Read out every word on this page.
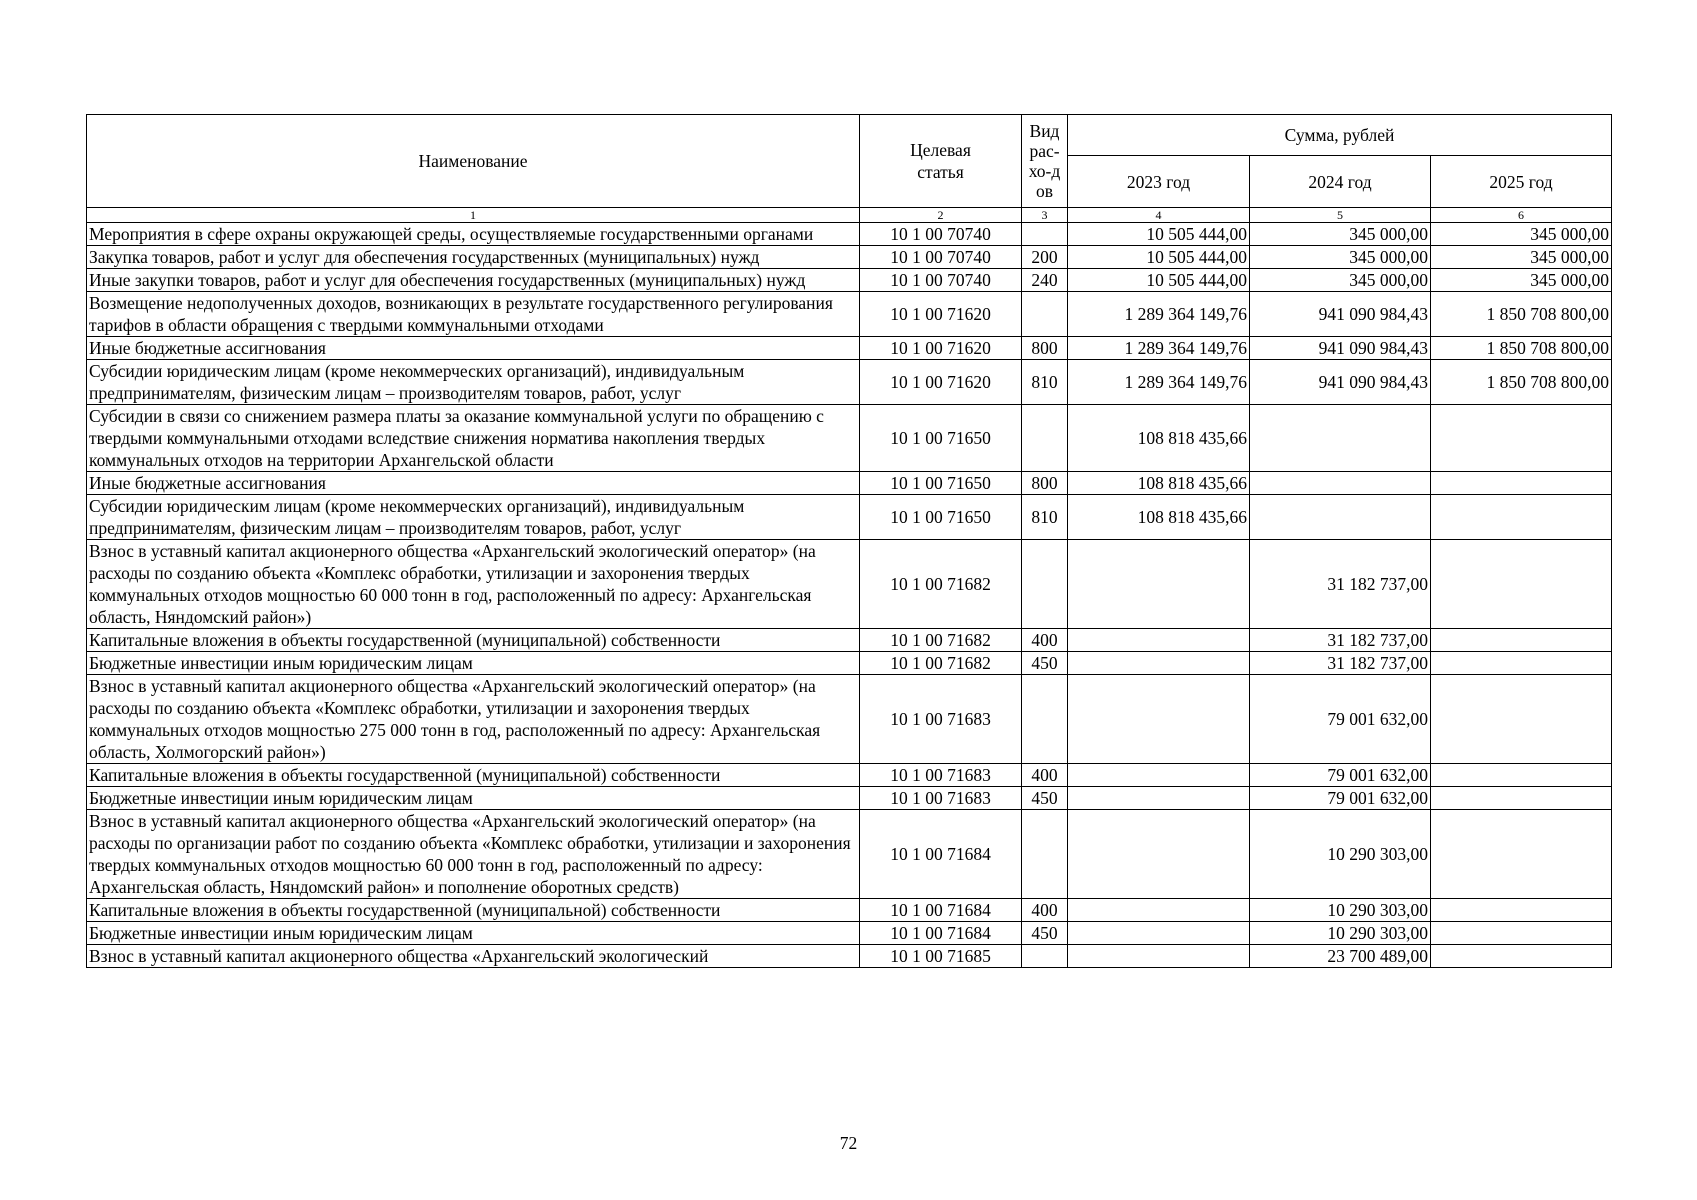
Наименование	Целевая статья	Вид рас-хо-дов	Сумма, рублей		
			2023 год	2024 год	2025 год
1	2	3	4	5	6
Мероприятия в сфере охраны окружающей среды, осуществляемые государственными органами	10 1 00 70740		10 505 444,00	345 000,00	345 000,00
Закупка товаров, работ и услуг для обеспечения государственных (муниципальных) нужд	10 1 00 70740	200	10 505 444,00	345 000,00	345 000,00
Иные закупки товаров, работ и услуг для обеспечения государственных (муниципальных) нужд	10 1 00 70740	240	10 505 444,00	345 000,00	345 000,00
Возмещение недополученных доходов, возникающих в результате государственного регулирования тарифов в области обращения с твердыми коммунальными отходами	10 1 00 71620		1 289 364 149,76	941 090 984,43	1 850 708 800,00
Иные бюджетные ассигнования	10 1 00 71620	800	1 289 364 149,76	941 090 984,43	1 850 708 800,00
Субсидии юридическим лицам (кроме некоммерческих организаций), индивидуальным предпринимателям, физическим лицам – производителям товаров, работ, услуг	10 1 00 71620	810	1 289 364 149,76	941 090 984,43	1 850 708 800,00
Субсидии в связи со снижением размера платы за оказание коммунальной услуги по обращению с твердыми коммунальными отходами вследствие снижения норматива накопления твердых коммунальных отходов на территории Архангельской области	10 1 00 71650		108 818 435,66		
Иные бюджетные ассигнования	10 1 00 71650	800	108 818 435,66		
Субсидии юридическим лицам (кроме некоммерческих организаций), индивидуальным предпринимателям, физическим лицам – производителям товаров, работ, услуг	10 1 00 71650	810	108 818 435,66		
Взнос в уставный капитал акционерного общества «Архангельский экологический оператор» (на расходы по созданию объекта «Комплекс обработки, утилизации и захоронения твердых коммунальных отходов мощностью 60 000 тонн в год, расположенный по адресу: Архангельская область, Няндомский район»)	10 1 00 71682			31 182 737,00	
Капитальные вложения в объекты государственной (муниципальной) собственности	10 1 00 71682	400		31 182 737,00	
Бюджетные инвестиции иным юридическим лицам	10 1 00 71682	450		31 182 737,00	
Взнос в уставный капитал акционерного общества «Архангельский экологический оператор» (на расходы по созданию объекта «Комплекс обработки, утилизации и захоронения твердых коммунальных отходов мощностью 275 000 тонн в год, расположенный по адресу: Архангельская область, Холмогорский район»)	10 1 00 71683			79 001 632,00	
Капитальные вложения в объекты государственной (муниципальной) собственности	10 1 00 71683	400		79 001 632,00	
Бюджетные инвестиции иным юридическим лицам	10 1 00 71683	450		79 001 632,00	
Взнос в уставный капитал акционерного общества «Архангельский экологический оператор» (на расходы по организации работ по созданию объекта «Комплекс обработки, утилизации и захоронения твердых коммунальных отходов мощностью 60 000 тонн в год, расположенный по адресу: Архангельская область, Няндомский район» и пополнение оборотных средств)	10 1 00 71684			10 290 303,00	
Капитальные вложения в объекты государственной (муниципальной) собственности	10 1 00 71684	400		10 290 303,00	
Бюджетные инвестиции иным юридическим лицам	10 1 00 71684	450		10 290 303,00	
Взнос в уставный капитал акционерного общества «Архангельский экологический	10 1 00 71685			23 700 489,00	
72
